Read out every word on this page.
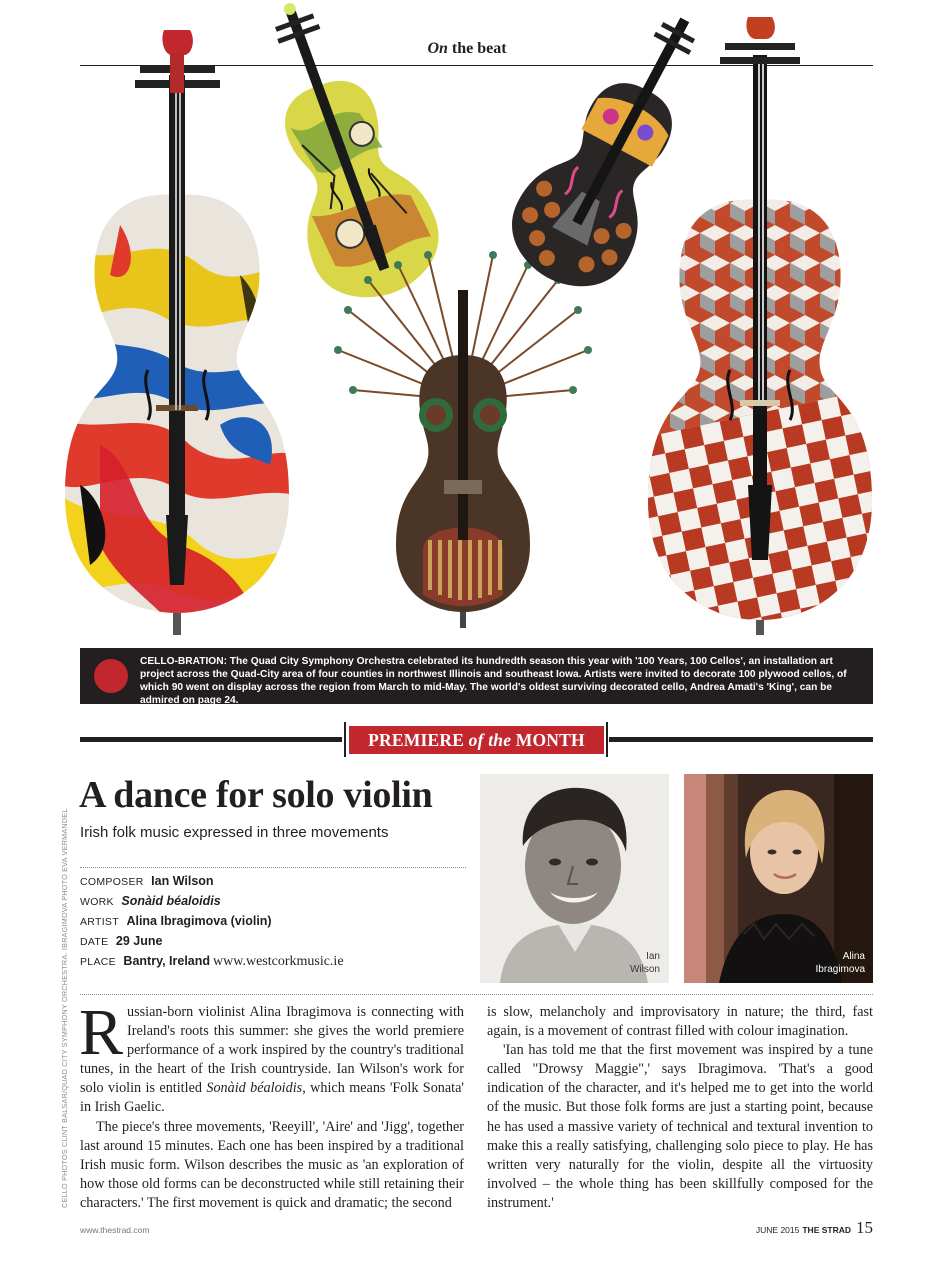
On the beat
CELLO-BRATION: The Quad City Symphony Orchestra celebrated its hundredth season this year with '100 Years, 100 Cellos', an installation art project across the Quad-City area of four counties in northwest Illinois and southeast Iowa. Artists were invited to decorate 100 plywood cellos, of which 90 went on display across the region from March to mid-May. The world's oldest surviving decorated cello, Andrea Amati's 'King', can be admired on page 24.
PREMIERE of the MONTH
A dance for solo violin
Irish folk music expressed in three movements
COMPOSER Ian Wilson
WORK Sonàid béaloidis
ARTIST Alina Ibragimova (violin)
DATE 29 June
PLACE Bantry, Ireland www.westcorkmusic.ie	Ian
Wilson
Alina
Ibragimova

Russian-born violinist Alina Ibragimova is connecting with Ireland's roots this summer: she gives the world premiere performance of a work inspired by the country's traditional tunes, in the heart of the Irish countryside. Ian Wilson's work for solo violin is entitled Sonàid béaloidis, which means 'Folk Sonata' in Irish Gaelic.

The piece's three movements, 'Reeyill', 'Aire' and 'Jigg', together last around 15 minutes. Each one has been inspired by a traditional Irish music form. Wilson describes the music as 'an exploration of how those old forms can be deconstructed while still retaining their characters.' The first movement is quick and dramatic; the second

is slow, melancholy and improvisatory in nature; the third, fast again, is a movement of contrast filled with colour imagination.

'Ian has told me that the first movement was inspired by a tune called "Drowsy Maggie",' says Ibragimova. 'That's a good indication of the character, and it's helped me to get into the world of the music. But those folk forms are just a starting point, because he has used a massive variety of technical and textural invention to make this a really satisfying, challenging solo piece to play. He has written very naturally for the violin, despite all the virtuosity involved – the whole thing has been skillfully composed for the instrument.'

CELLO PHOTOS CLINT BALSAR/QUAD CITY SYMPHONY ORCHESTRA. IBRAGIMOVA PHOTO EVA VERMANDEL
www.thestrad.com	JUNE 2015 THE STRAD 15
